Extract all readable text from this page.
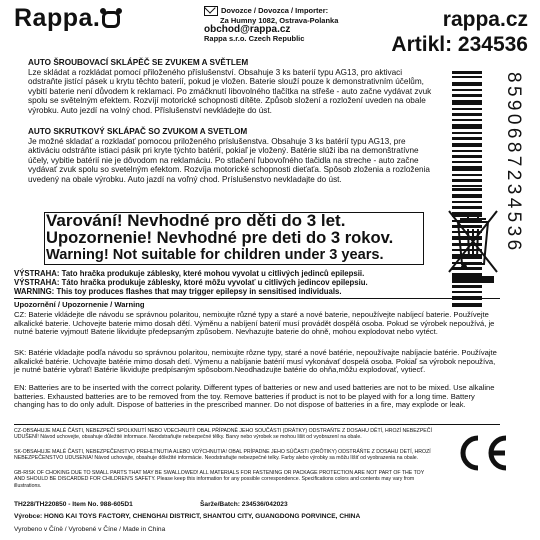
Rappa.	Dovozce / Dovozca / Importer:
Za Humny 1082, Ostrava-Polanka
obchod@rappa.cz
Rappa s.r.o. Czech Republic
rappa.cz
Artikl: 234536
AUTO ŠROUBOVACÍ SKLÁPĚČ SE ZVUKEM A SVĚTLEM
Lze skládat a rozkládat pomocí přiloženého příslušenství. Obsahuje 3 ks baterií typu AG13, pro aktivaci odstraňte jistící pásek u krytu těchto baterií, pokud je vložen. Baterie slouží pouze k demonstrativním účelům, vybití baterie není důvodem k reklamaci. Po zmáčknutí libovolného tlačítka na střeše - auto začne vydávat zvuk spolu se světelným efektem. Rozvíjí motorické schopnosti dítěte. Způsob složení a rozložení uveden na obale výrobku. Auto jezdí na volný chod. Příslušenství nevkládejte do úst.
AUTO SKRUTKOVÝ SKLÁPAČ SO ZVUKOM A SVETLOM
Je možné skladať a rozkladať pomocou priloženého príslušenstva. Obsahuje 3 ks batérií typu AG13, pre aktiváciu odstráňte istiaci pásik pri kryte týchto batérií, pokiaľ je vložený. Batérie slúži iba na demonštratívne účely, vybitie batérií nie je dôvodom na reklamáciu. Po stlačení ľubovoľného tlačidla na streche - auto začne vydávať zvuk spolu so svetelným efektom. Rozvíja motorické schopnosti dieťaťa. Spôsob zloženia a rozloženia uvedený na obale výrobku. Auto jazdí na voľný chod. Príslušenstvo nevkladajte do úst.	8590687234536
Varování! Nevhodné pro děti do 3 let.
Upozornenie! Nevhodné pre deti do 3 rokov.
Warning! Not suitable for children under 3 years.
VÝSTRAHA: Tato hračka produkuje záblesky, které mohou vyvolat u citlivých jedinců epilepsii.
VÝSTRAHA: Táto hračka produkuje záblesky, ktoré môžu vyvolať u citlivých jedincov epilepsiu.
WARNING: This toy produces flashes that may trigger epilepsy in sensitised individuals.
Upozornění / Upozornenie / Warning
CZ: Baterie vkládejte dle návodu se správnou polaritou, nemixujte různé typy a staré a nové baterie, nepoužívejte nabíjecí baterie. Používejte alkalické baterie. Uchovejte baterie mimo dosah dětí. Výměnu a nabíjení baterií musí provádět dospělá osoba. Pokud se výrobek nepoužívá, je nutné baterie vyjmout! Baterie likvidujte předepsaným způsobem. Nevhazujte baterie do ohně, mohou explodovat nebo vytéct.
SK: Batérie vkladajte podľa návodu so správnou polaritou, nemixujte rôzne typy, staré a nové batérie, nepoužívajte nabíjacie batérie. Používajte alkalické batérie. Uchovajte batérie mimo dosah detí. Výmenu a nabíjanie batérií musí vykonávať dospelá osoba. Pokiaľ sa výrobok nepoužíva, je nutné batérie vybrať! Batérie likvidujte predpísaným spôsobom.Neodhadzujte batérie do ohňa,môžu explodovať, vytiecť.
EN: Batteries are to be inserted with the correct polarity. Different types of batteries or new and used batteries are not to be mixed. Use alkaline batteries. Exhausted batteries are to be removed from the toy. Remove batteries if product is not to be played with for a long time. Battery changing has to do only adult. Dispose of batteries in the prescribed manner. Do not dispose of batteries in a fire, may explode or leak.
CZ-OBSAHUJE MALÉ ČÁSTI, NEBEZPEČÍ SPOLKNUTÍ NEBO VDECHNUTÍ! OBAL PŘÍPADNĚ JEHO SOUČÁSTI (DRÁTKY) ODSTRAŇTE Z DOSAHU DĚTÍ, HROZÍ NEBEZPEČÍ UDUŠENÍ! Návod uchovejte, obsahuje důležité informace. Neodstraňujte nebezpečné tělky. Barvy nebo výrobek se mohou lišit od vyobrazení na obale.
SK-OBSAHUJE MALÉ ČASTI, NEBEZPEČENSTVO PREHLTNUTIA ALEBO VDÝCHNUTIA! OBAL PRÍPADNE JEHO SÚČASTI (DRÔTIKY) ODSTRÁŇTE Z DOSAHU DETÍ, HROZÍ NEBEZPEČENSTVO UDUSENIA! Návod uchovajte, obsahuje dôležité informácie. Neodstraňujte nebezpečné telky. Farby alebo výrobky sa môžu líšiť od vyobrazenia na obale.
GB-RISK OF CHOKING DUE TO SMALL PARTS THAT MAY BE SWALLOWED! ALL MATERIALS FOR FASTENING OR PACKAGE PROTECTION ARE NOT PART OF THE TOY AND SHOULD BE DISCARDED FOR CHILDREN'S SAFETY. Please keep this information for any possible correspondence. Specifications colors and contents may vary from illustrations.
CE
TH228/TH220850 - Item No. 988-605D1	Šarže/Batch: 234536/042023
Výrobce: HONG KAI TOYS FACTORY, CHENGHAI DISTRICT, SHANTOU CITY, GUANGDONG PORVINCE, CHINA
Vyrobeno v Číně / Vyrobené v Číne / Made in China
